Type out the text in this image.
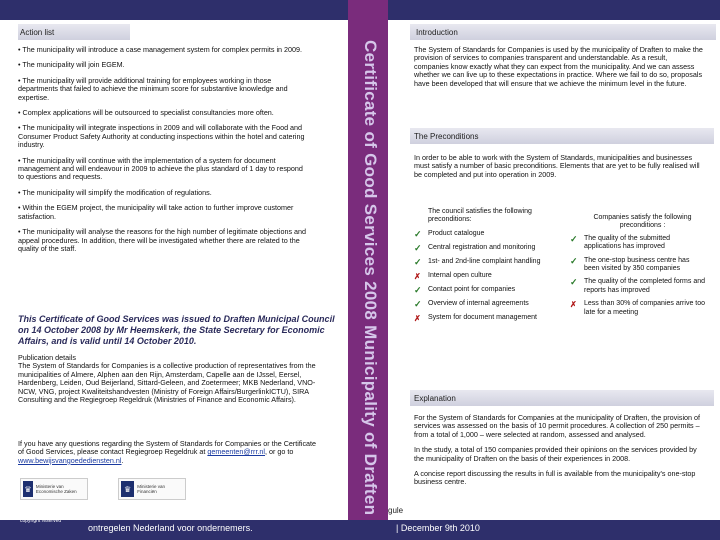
Action list
• The municipality will introduce a case management system for complex permits in 2009.
• The municipality will join EGEM.
• The municipality will provide additional training for employees working in those departments that failed to achieve the minimum score for substantive knowledge and expertise.
• Complex applications will be outsourced to specialist consultancies more often.
• The municipality will integrate inspections in 2009 and will collaborate with the Food and Consumer Product Safety Authority at conducting inspections within the hotel and catering industry.
• The municipality will continue with the implementation of a system for document management and will endeavour in 2009 to achieve the plus standard of 1 day to respond to questions and requests.
• The municipality will simplify the modification of regulations.
• Within the EGEM project, the municipality will take action to further improve customer satisfaction.
• The municipality will analyse the reasons for the high number of legitimate objections and appeal procedures. In addition, there will be investigated whether there are related to the quality of the staff.
This Certificate of Good Services was issued to Draften Municipal Council on 14 October 2008 by Mr Heemskerk, the State Secretary for Economic Affairs, and is valid until 14 October 2010.
Publication details
The System of Standards for Companies is a collective production of representatives from the municipalities of Almere, Alphen aan den Rijn, Amsterdam, Capelle aan de IJssel, Eersel, Hardenberg, Leiden, Oud Beijerland, Sittard-Geleen, and Zoetermeer; MKB Nederland, VNO-NCW, VNG, project Kwaliteitshandvesten (Ministry of Foreign Affairs/BurgerlinkICTU), SIRA Consulting and the Regiegroep Regeldruk (Ministries of Finance and Economic Affairs).
If you have any questions regarding the System of Standards for Companies or the Certificate of Good Services, please contact Regiegroep Regeldruk at gemeenten@rrr.nl, or go to www.bewijsvangoedediensten.nl.
♛ Ministerie van Economische Zaken	♛	Ministerie van Financiën	Certificate of Good Services 2008 Municipality of Draften
Introduction
The System of Standards for Companies is used by the municipality of Draften to make the provision of services to companies transparent and understandable. As a result, companies know exactly what they can expect from the municipality. And we can assess whether we can live up to these expectations in practice. Where we fail to do so, proposals have been developed that will ensure that we achieve the minimum level in the future.
The Preconditions
In order to be able to work with the System of Standards, municipalities and businesses must satisfy a number of basic preconditions. Elements that are yet to be fully realised will be completed and put into operation in 2009.
The council satisfies the following preconditions:
✓ Product catalogue
✓ Central registration and monitoring
✓ 1st- and 2nd-line complaint handling
✗	Internal open culture
✓ Contact point for companies
✓ Overview of internal agreements
✗	System for document management
Companies satisfy the following preconditions :
✓ The quality of the submitted applications has improved
✓ The one-stop business centre has been visited by 350 companies
✓ The quality of the completed forms and reports has improved
✗	Less than 30% of companies arrive too late for a meeting
Explanation
For the System of Standards for Companies at the municipality of Draften, the provision of services was assessed on the basis of 10 permit procedures. A collection of 250 permits – from a total of 1,000 – were selected at random, assessed and analysed.
In the study, a total of 150 companies provided their opinions on the services provided by the municipality of Draften on the basis of their experiences in 2008.
A concise report discussing the results in full is available from the municipality's one-stop business centre.
copyright reserved
ontregelen Nederland voor ondernemers.
gule
| December 9th 2010
